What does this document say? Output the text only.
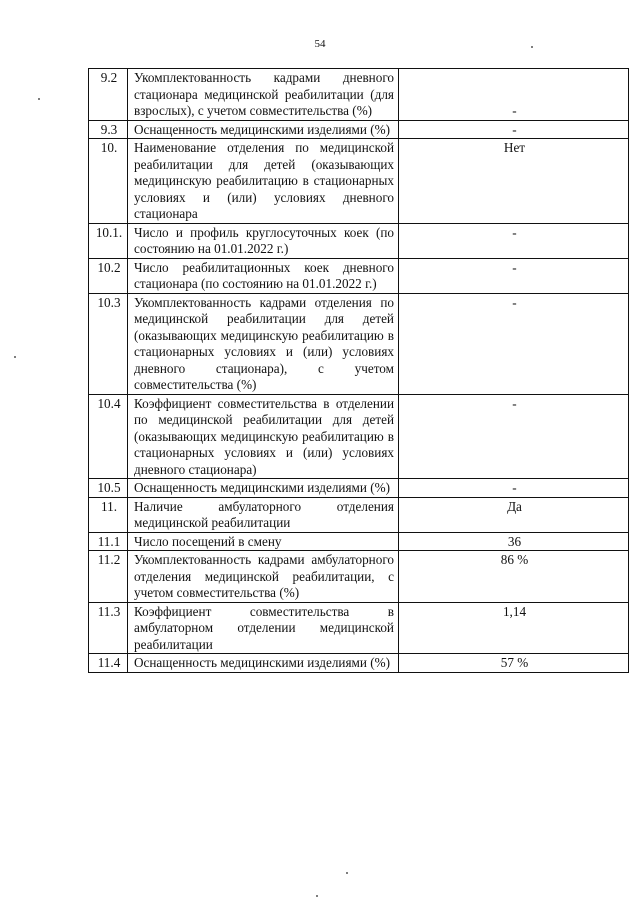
54
9.2	Укомплектованность кадрами дневного стационара медицинской реабилитации (для взрослых), с учетом совместительства (%)	-
9.3	Оснащенность медицинскими изделиями (%)	-
10.	Наименование отделения по медицинской реабилитации для детей (оказывающих медицинскую реабилитацию в стационарных условиях и (или) условиях дневного стационара	Нет
10.1.	Число и профиль круглосуточных коек (по состоянию на 01.01.2022 г.)	-
10.2	Число реабилитационных коек дневного стационара (по состоянию на 01.01.2022 г.)	-
10.3	Укомплектованность кадрами отделения по медицинской реабилитации для детей (оказывающих медицинскую реабилитацию в стационарных условиях и (или) условиях дневного стационара), с учетом совместительства (%)	-
10.4	Коэффициент совместительства в отделении по медицинской реабилитации для детей (оказывающих медицинскую реабилитацию в стационарных условиях и (или) условиях дневного стационара)	-
10.5	Оснащенность медицинскими изделиями (%)	-
11.	Наличие амбулаторного отделения медицинской реабилитации	Да
11.1	Число посещений в смену	36
11.2	Укомплектованность кадрами амбулаторного отделения медицинской реабилитации, с учетом совместительства (%)	86 %
11.3	Коэффициент совместительства в амбулаторном отделении медицинской реабилитации	1,14
11.4	Оснащенность медицинскими изделиями (%)	57 %
